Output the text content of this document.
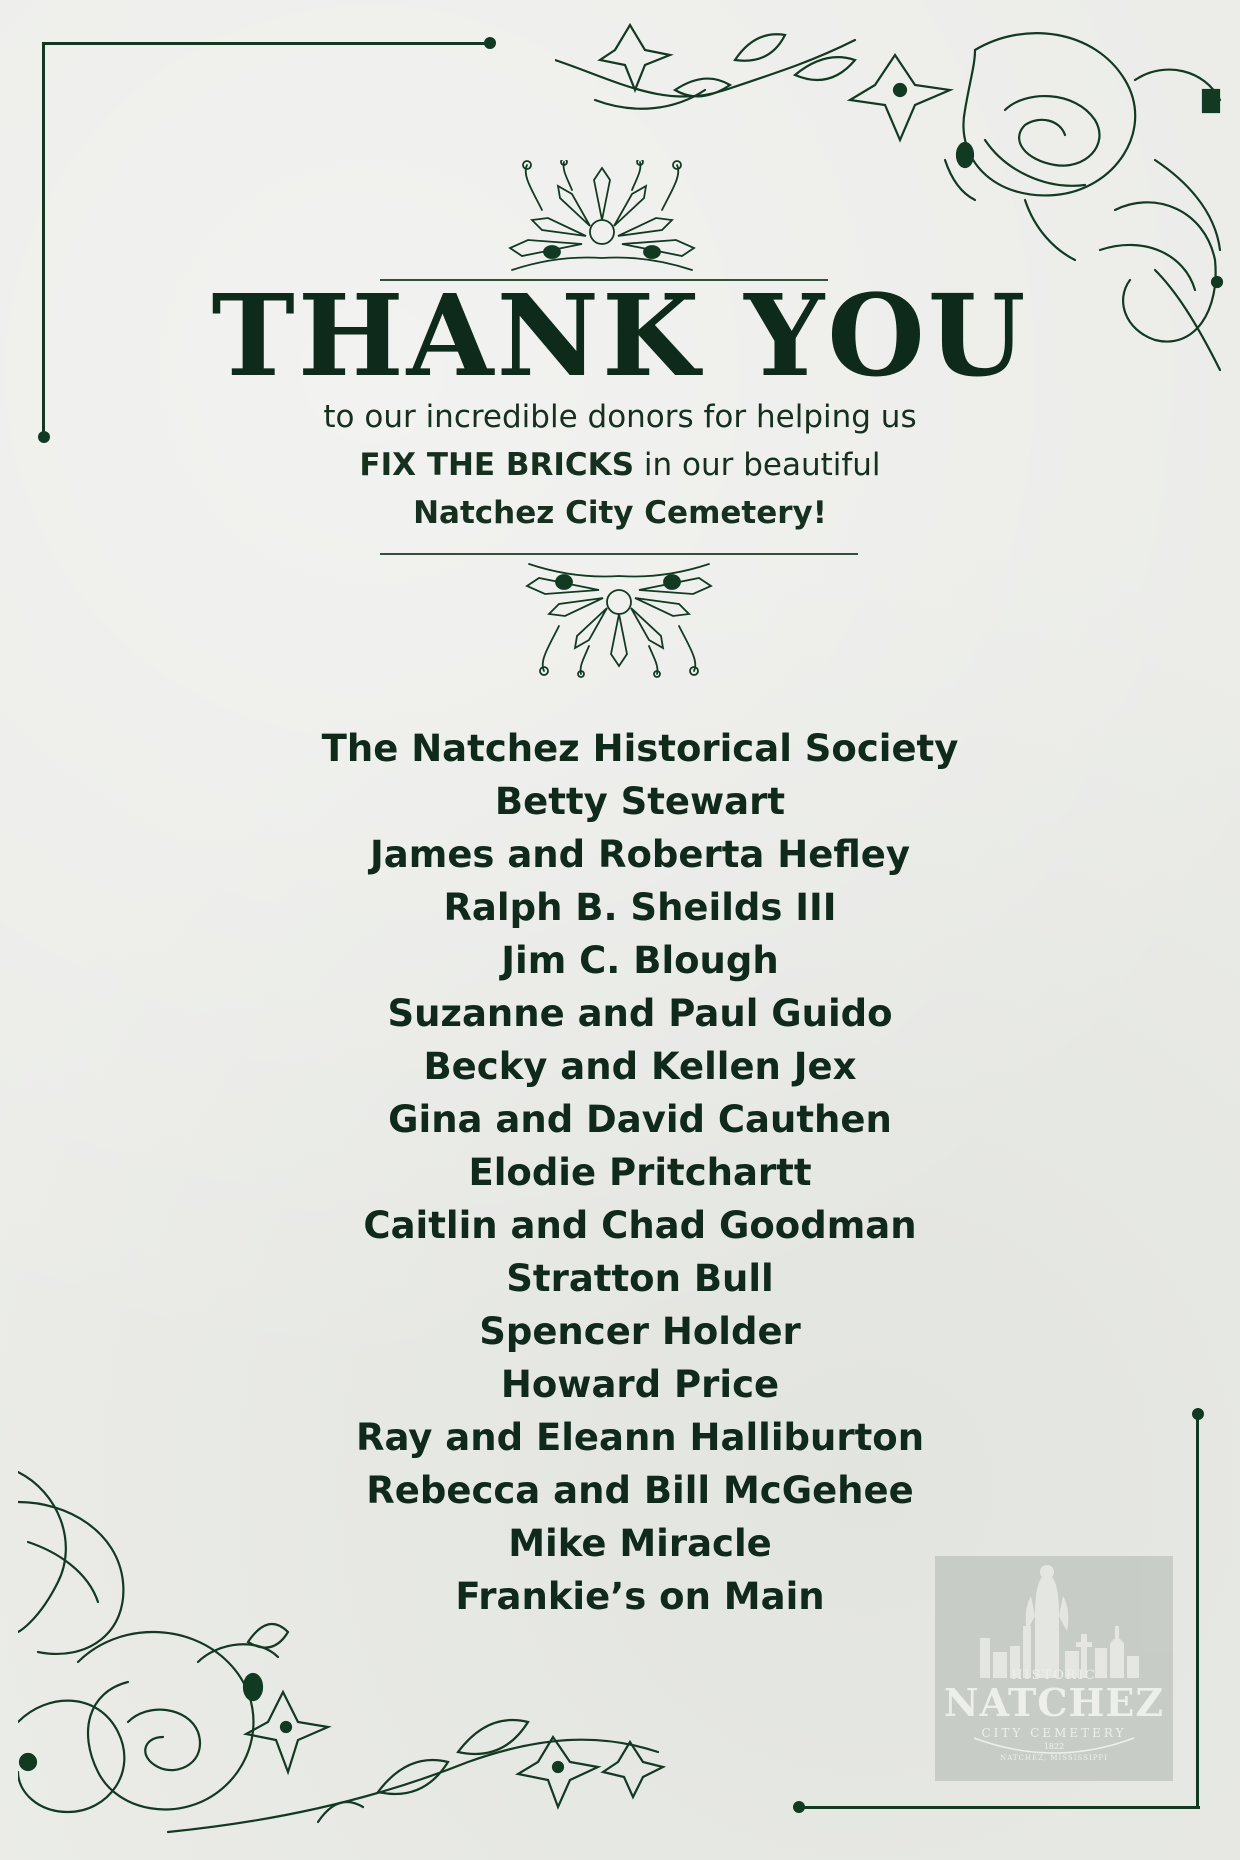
THANK YOU
to our incredible donors for helping us
FIX THE BRICKS in our beautiful
Natchez City Cemetery!
The Natchez Historical Society
Betty Stewart
James and Roberta Hefley
Ralph B. Sheilds III
Jim C. Blough
Suzanne and Paul Guido
Becky and Kellen Jex
Gina and David Cauthen
Elodie Pritchartt
Caitlin and Chad Goodman
Stratton Bull
Spencer Holder
Howard Price
Ray and Eleann Halliburton
Rebecca and Bill McGehee
Mike Miracle
Frankie’s on Main
HISTORIC
NATCHEZ
CITY CEMETERY
1822
NATCHEZ, MISSISSIPPI
